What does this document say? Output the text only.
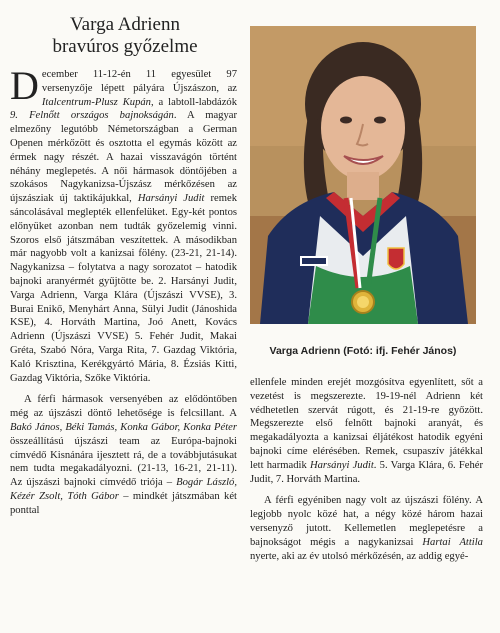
Varga Adrienn
bravúros győzelme

December 11-12-én 11 egyesület 97 versenyzője lépett pályára Újszászon, az Italcentrum-Plusz Kupán, a labtoll-labdázók 9. Felnőtt országos bajnokságán. A magyar elmezőny legutóbb Németországban a German Openen mérkőzött és osztotta el egymás között az érmek nagy részét. A hazai visszavágón történt néhány meglepetés. A női hármasok döntőjében a szokásos Nagykanizsa-Újszász mérkőzésen az újszásziak új taktikájukkal, Harsányi Judit remek sáncolásával meglepték ellenfelüket. Egy-két pontos előnyüket azonban nem tudták győzelemig vinni. Szoros első játszmában veszítettek. A másodikban már nagyobb volt a kanizsai fölény. (23-21, 21-14). Nagykanizsa – folytatva a nagy sorozatot – hatodik bajnoki aranyérmét gyűjtötte be. 2. Harsányi Judit, Varga Adrienn, Varga Klára (Újszászi VVSE), 3. Burai Enikő, Menyhárt Anna, Sülyi Judit (Jánoshida KSE), 4. Horváth Martina, Joó Anett, Kovács Adrienn (Újszászi VVSE) 5. Fehér Judit, Makai Gréta, Szabó Nóra, Varga Rita, 7. Gazdag Viktória, Kaló Krisztina, Kerékgyártó Mária, 8. Ézsiás Kitti, Gazdag Viktória, Szőke Viktória.

A férfi hármasok versenyében az elődöntőben még az újszászi döntő lehetősége is felcsillant. A Bakó János, Béki Tamás, Konka Gábor, Konka Péter összeállítású újszászi team az Európa-bajnoki címvédő Kisnánára ijesztett rá, de a továbbjutásukat nem tudta megakadályozni. (21-13, 16-21, 21-11). Az újszászi bajnoki címvédő triója – Bogár László, Kézér Zsolt, Tóth Gábor – mindkét játszmában két ponttal

Varga Adrienn (Fotó: ifj. Fehér János)

ellenfele minden erejét mozgósítva egyenlített, sőt a vezetést is megszerezte. 19-19-nél Adrienn két védhetetlen szervát rúgott, és 21-19-re győzött. Megszerezte első felnőtt bajnoki aranyát, és megakadályozta a kanizsai éljátékost hatodik egyéni bajnoki címe elérésében. Remek, csupaszív játékkal lett harmadik Harsányi Judit. 5. Varga Klára, 6. Fehér Judit, 7. Horváth Martina.

A férfi egyéniben nagy volt az újszászi fölény. A legjobb nyolc közé hat, a négy közé három hazai versenyző jutott. Kellemetlen meglepetésre a bajnokságot mégis a nagykanizsai Hartai Attila nyerte, aki az év utolsó mérkőzésén, az addig egyé-
